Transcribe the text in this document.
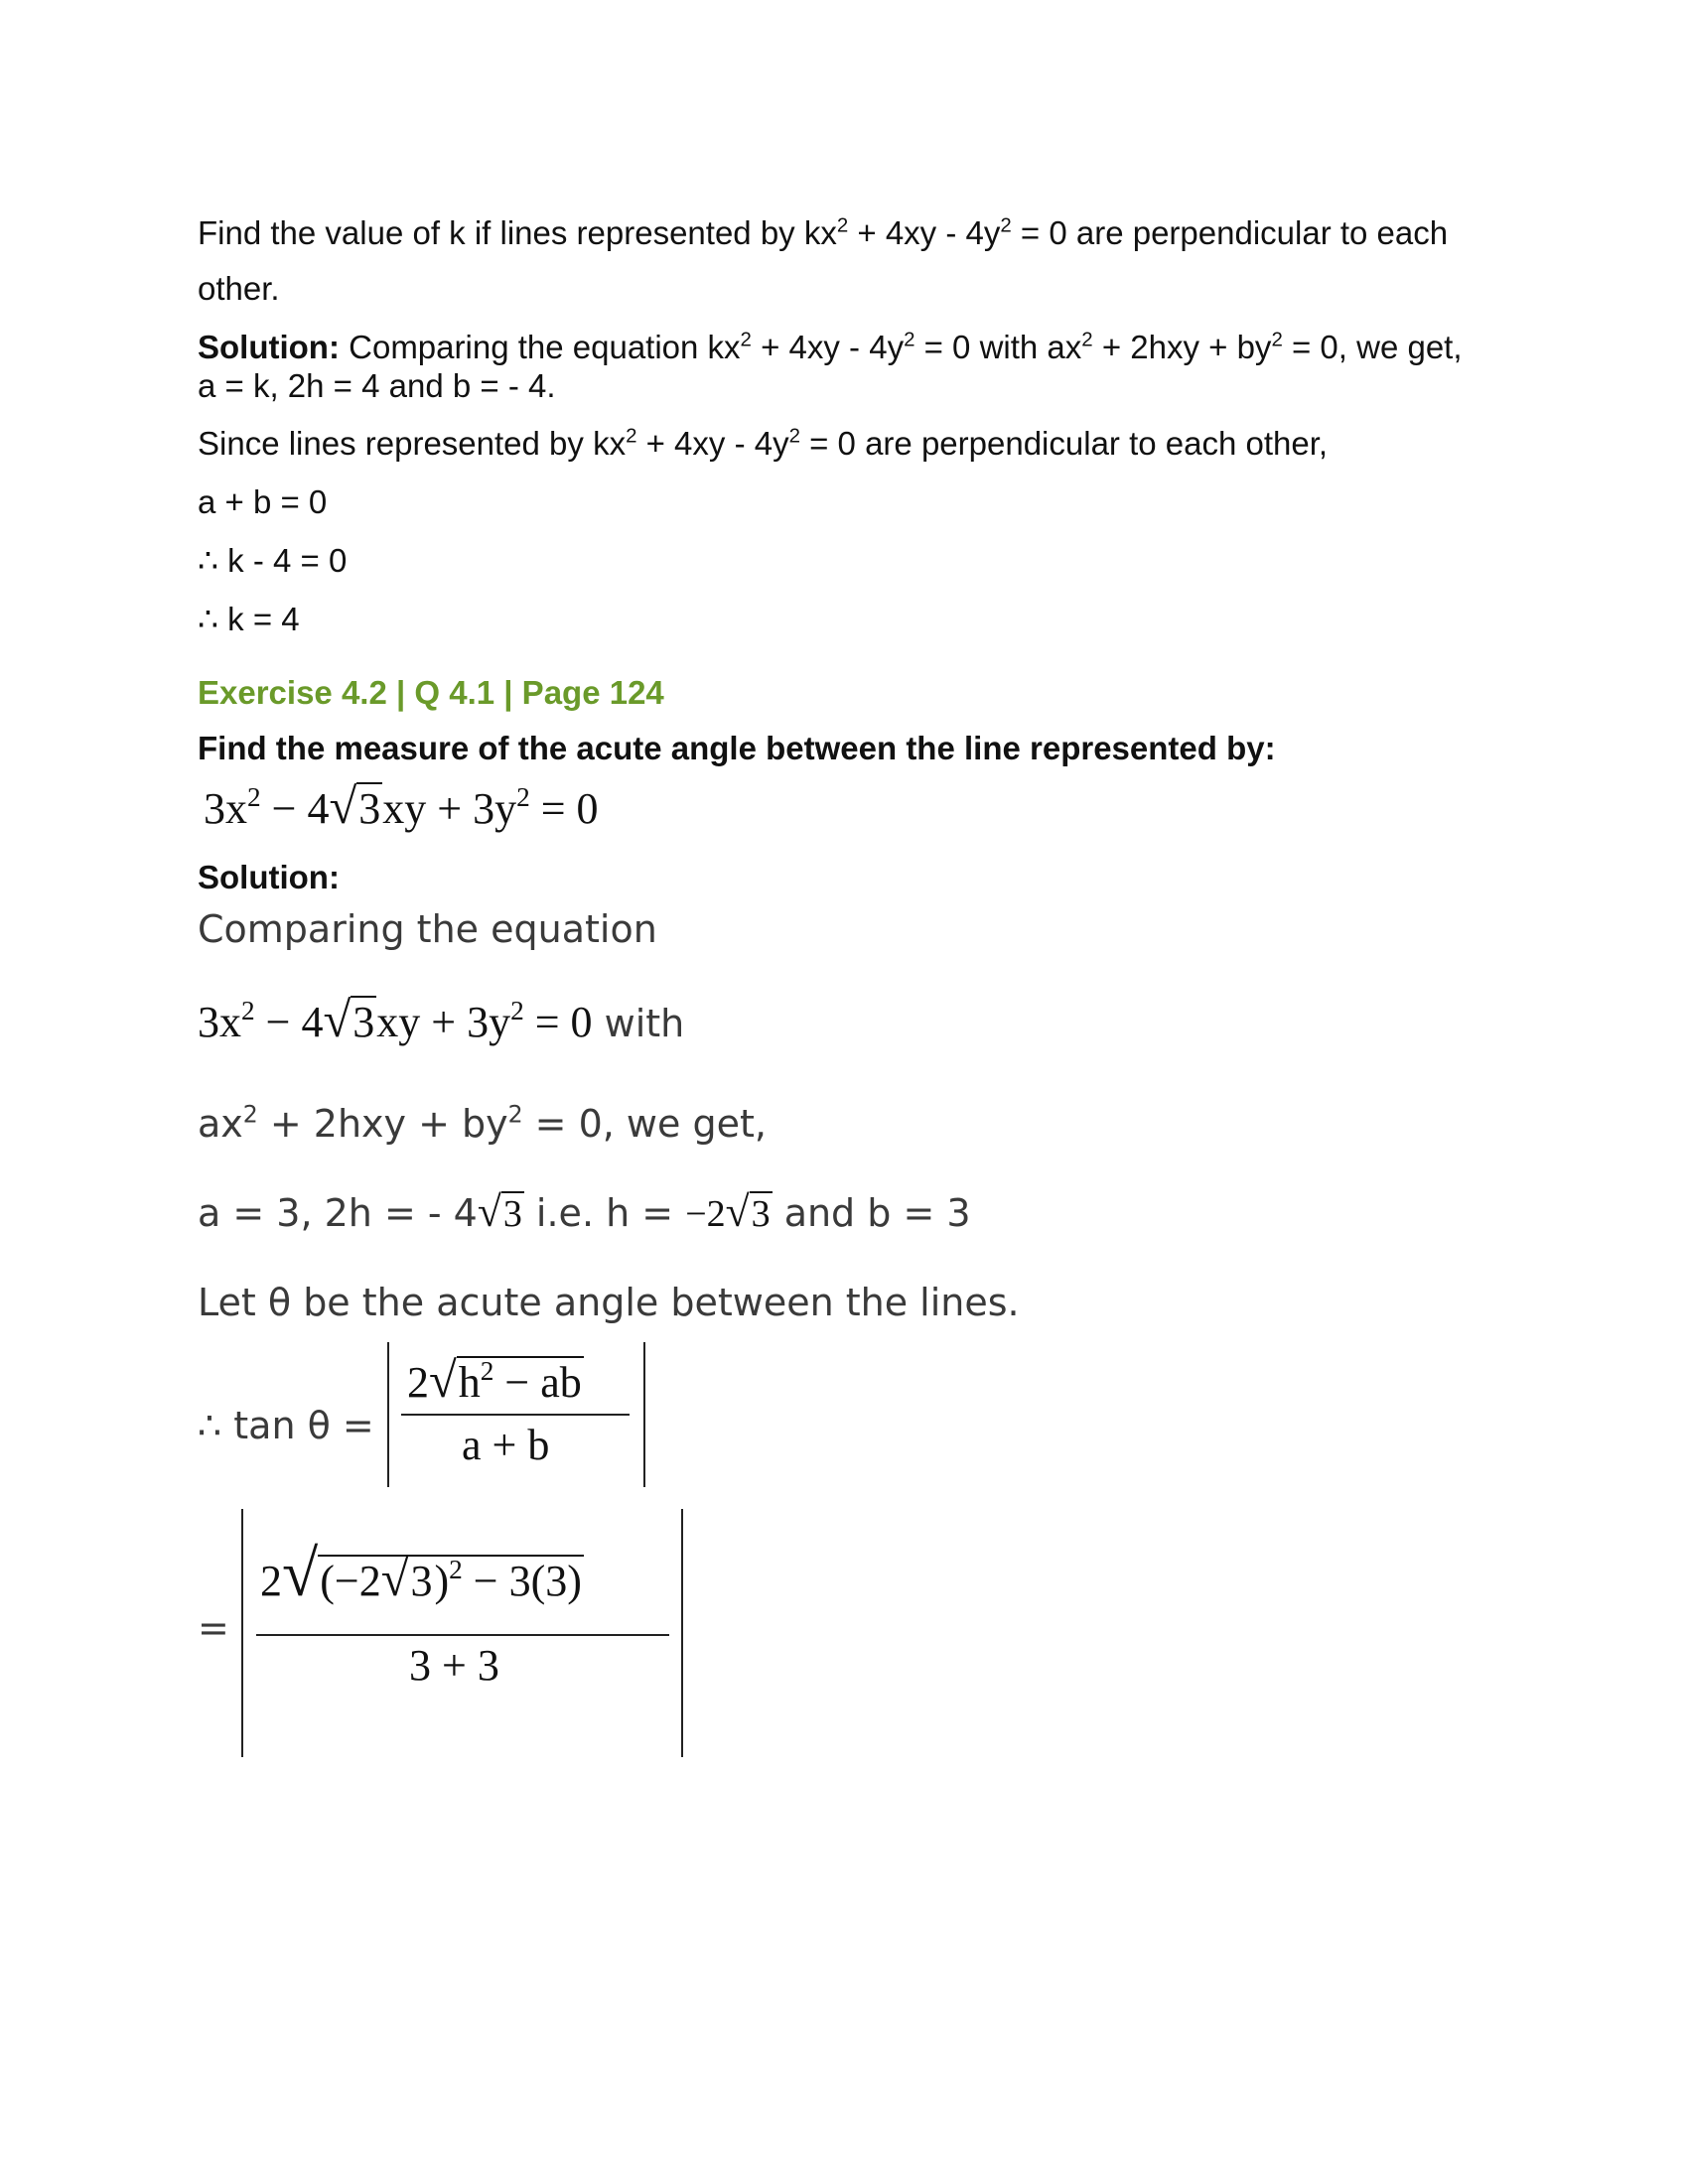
Find the value of k if lines represented by $kx^2 + 4xy - 4y^2 = 0$ are perpendicular to each
other.
Solution: Comparing the equation $kx^2 + 4xy - 4y^2 = 0$ with $ax^2 + 2hxy + by^2 = 0$, we get,
a = k, 2h = 4 and b = - 4.
Since lines represented by $kx^2 + 4xy - 4y^2 = 0$ are perpendicular to each other,
a + b = 0
∴ k - 4 = 0
∴ k = 4
Exercise 4.2 | Q 4.1 | Page 124
Find the measure of the acute angle between the line represented by:
$3x^2 - 4√3xy + 3y^2 = 0$
Solution:
Comparing the equation
$3x^2 - 4√3xy + 3y^2 = 0$ with
$ax^2 + 2hxy + by^2 = 0$, we get,
a = 3, 2h = - 4√3 i.e. h = −2√3 and b = 3
Let θ be the acute angle between the lines.
∴ tan θ =
$2√h^2$ − ab
a + b
=
$2√(-2√3)^2 - 3(3)$
3 + 3
